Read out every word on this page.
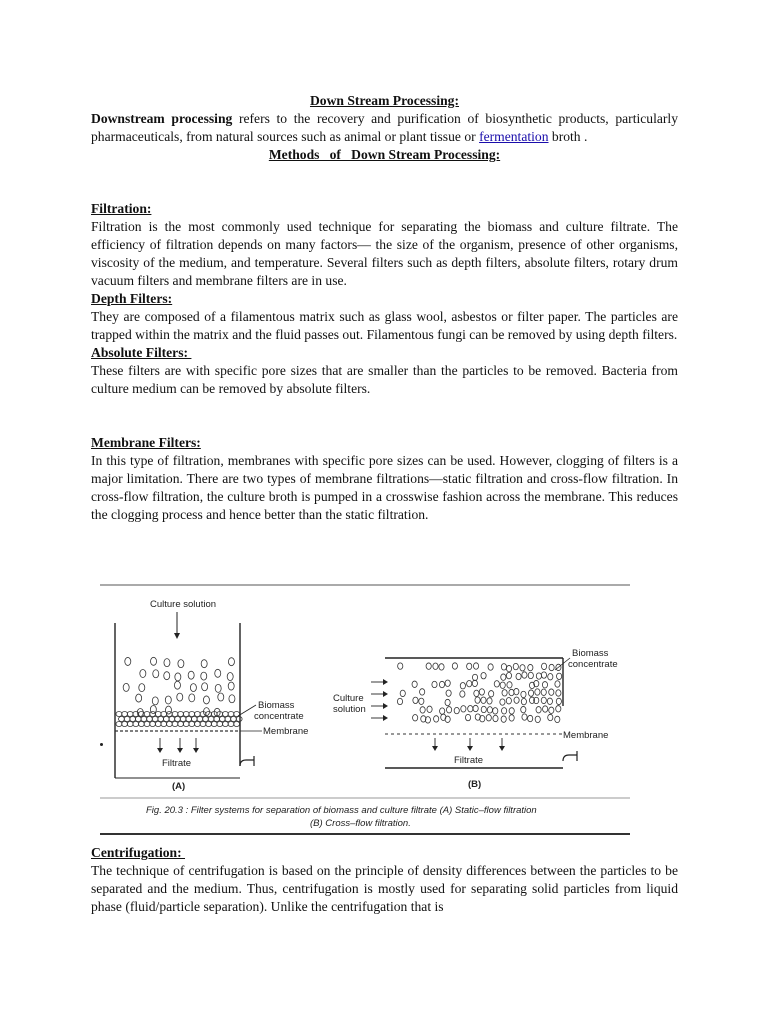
Down Stream Processing:

Downstream processing refers to the recovery and purification of biosynthetic products, particularly pharmaceuticals, from natural sources such as animal or plant tissue or fermentation broth .

Methods   of   Down Stream Processing:
Filtration:

Filtration is the most commonly used technique for separating the biomass and culture filtrate. The efficiency of filtration depends on many factors— the size of the organism, presence of other organisms, viscosity of the medium, and temperature. Several filters such as depth filters, absolute filters, rotary drum vacuum filters and membrane filters are in use.

Depth Filters:

They are composed of a filamentous matrix such as glass wool, asbestos or filter paper. The particles are trapped within the matrix and the fluid passes out. Filamentous fungi can be removed by using depth filters.

Absolute Filters:

These filters are with specific pore sizes that are smaller than the particles to be removed. Bacteria from culture medium can be removed by absolute filters.

Membrane Filters:

In this type of filtration, membranes with specific pore sizes can be used. However, clogging of filters is a major limitation. There are two types of membrane filtrations—static filtration and cross-flow filtration. In cross-flow filtration, the culture broth is pumped in a crosswise fashion across the membrane. This reduces the clogging process and hence better than the static filtration.

Culture solution
Biomass
concentrate
Membrane
Filtrate
(A)
Culture
solution
Biomass
concentrate
Membrane
Filtrate
(B)
Fig. 20.3 : Filter systems for separation of biomass and culture filtrate (A) Static–flow filtration
(B) Cross–flow filtration.
Centrifugation:

The technique of centrifugation is based on the principle of density differences between the particles to be separated and the medium. Thus, centrifugation is mostly used for separating solid particles from liquid phase (fluid/particle separation). Unlike the centrifugation that is
